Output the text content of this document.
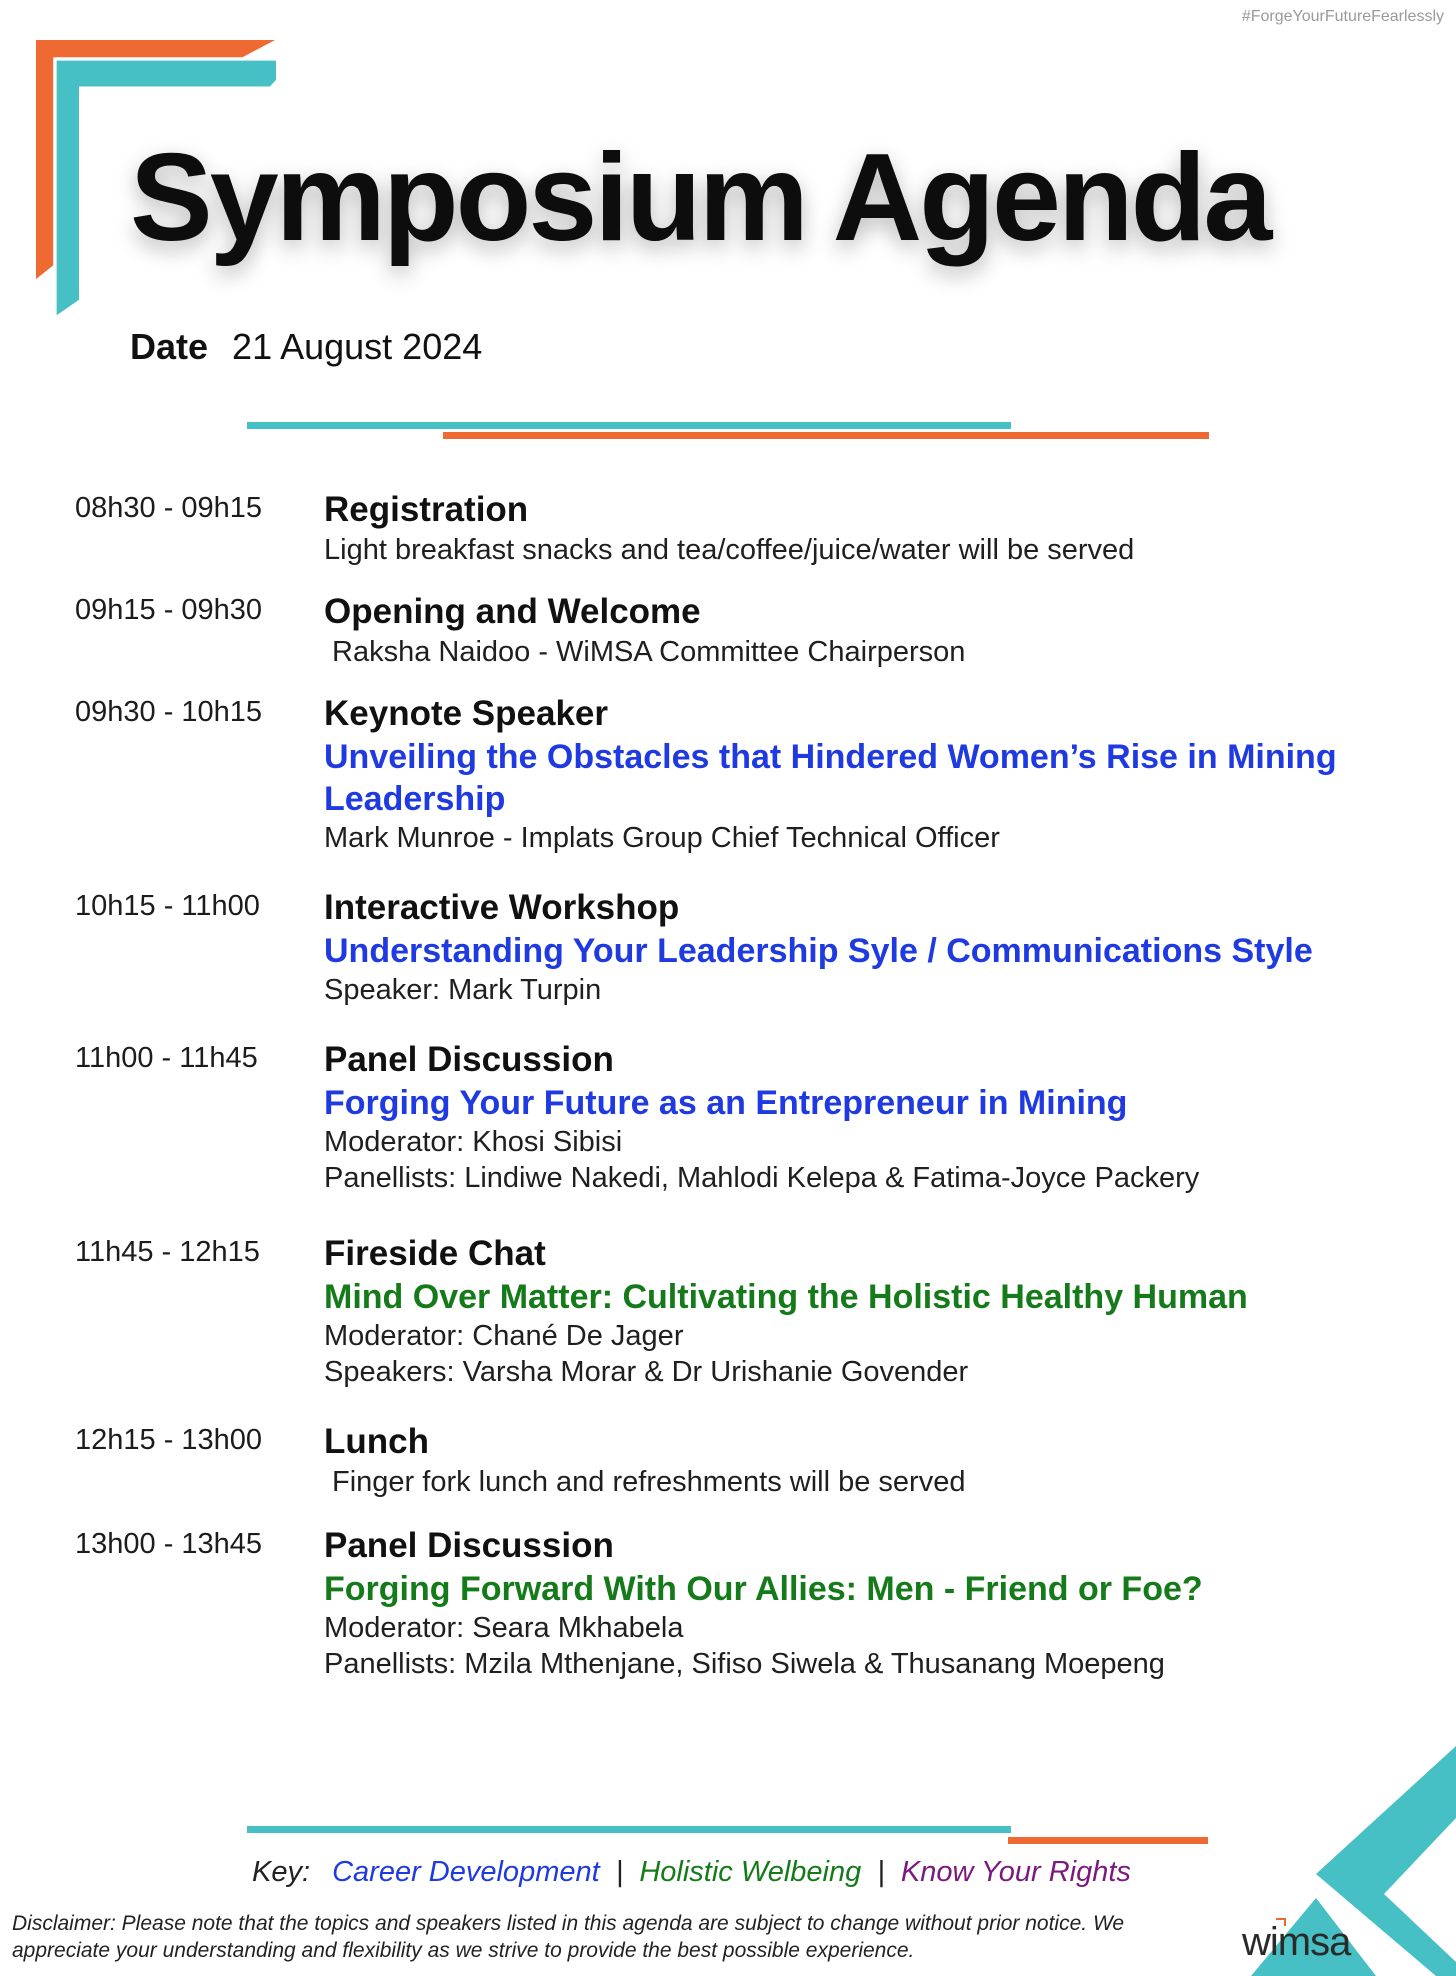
#ForgeYourFutureFearlessly
Symposium Agenda
Date 21 August 2024
08h30 - 09h15	Registration
Light breakfast snacks and tea/coffee/juice/water will be served
09h15 - 09h30	Opening and Welcome
Raksha Naidoo - WiMSA Committee Chairperson
09h30 - 10h15	Keynote Speaker
Unveiling the Obstacles that Hindered Women’s Rise in Mining Leadership
Mark Munroe - Implats Group Chief Technical Officer
10h15 - 11h00	Interactive Workshop
Understanding Your Leadership Syle / Communications Style
Speaker: Mark Turpin
11h00 - 11h45	Panel Discussion
Forging Your Future as an Entrepreneur in Mining
Moderator: Khosi Sibisi
Panellists: Lindiwe Nakedi, Mahlodi Kelepa & Fatima-Joyce Packery
11h45 - 12h15	Fireside Chat
Mind Over Matter: Cultivating the Holistic Healthy Human
Moderator: Chané De Jager
Speakers: Varsha Morar & Dr Urishanie Govender
12h15 - 13h00	Lunch
Finger fork lunch and refreshments will be served
13h00 - 13h45	Panel Discussion
Forging Forward With Our Allies: Men - Friend or Foe?
Moderator: Seara Mkhabela
Panellists: Mzila Mthenjane, Sifiso Siwela & Thusanang Moepeng
Key: Career Development | Holistic Welbeing | Know Your Rights
Disclaimer: Please note that the topics and speakers listed in this agenda are subject to change without prior notice. We appreciate your understanding and flexibility as we strive to provide the best possible experience.	wimsa
